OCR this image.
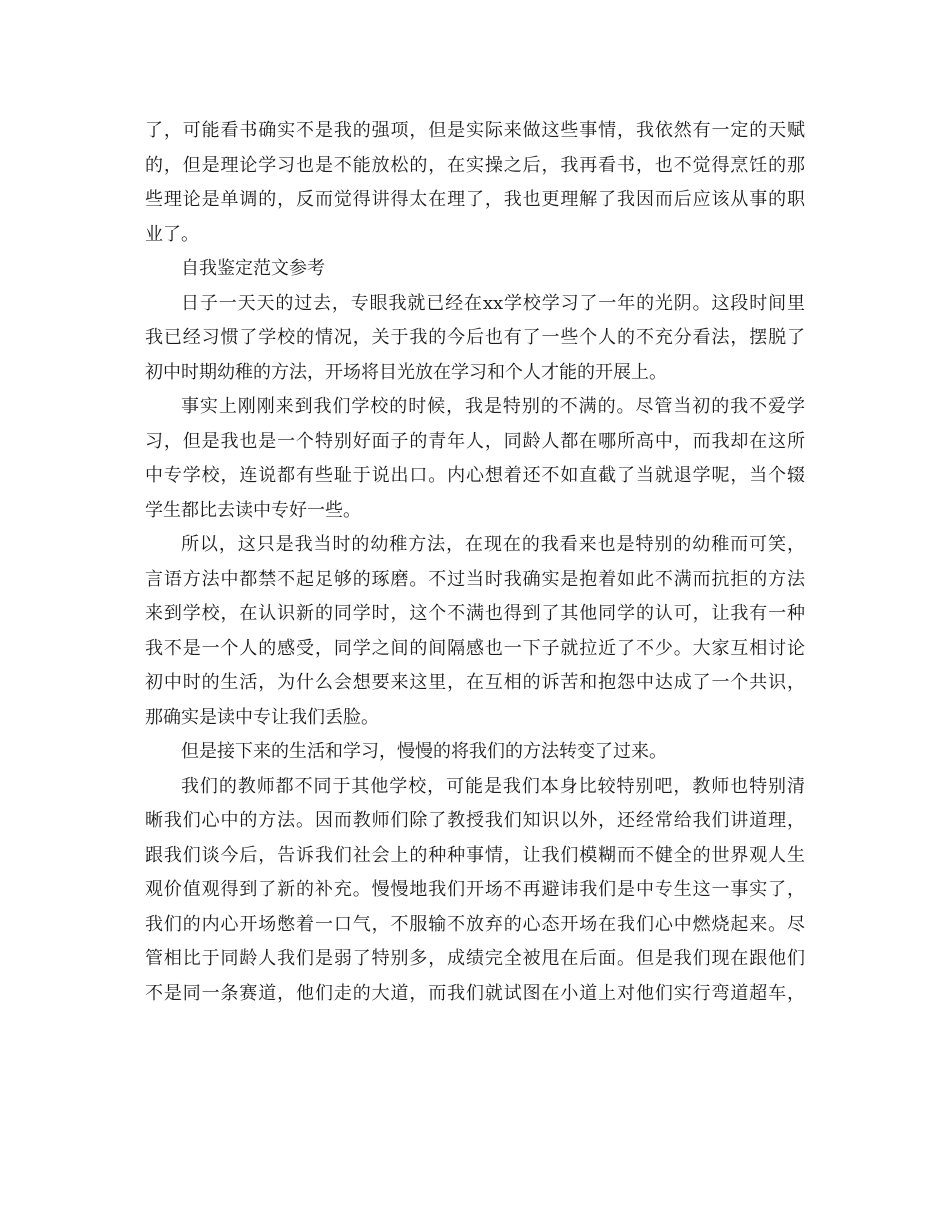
了，可能看书确实不是我的强项，但是实际来做这些事情，我依然有一定的天赋
的，但是理论学习也是不能放松的，在实操之后，我再看书，也不觉得烹饪的那
些理论是单调的，反而觉得讲得太在理了，我也更理解了我因而后应该从事的职
业了。
自我鉴定范文参考
日子一天天的过去，专眼我就已经在xx学校学习了一年的光阴。这段时间里
我已经习惯了学校的情况，关于我的今后也有了一些个人的不充分看法，摆脱了
初中时期幼稚的方法，开场将目光放在学习和个人才能的开展上。
事实上刚刚来到我们学校的时候，我是特别的不满的。尽管当初的我不爱学
习，但是我也是一个特别好面子的青年人，同龄人都在哪所高中，而我却在这所
中专学校，连说都有些耻于说出口。内心想着还不如直截了当就退学呢，当个辍
学生都比去读中专好一些。
所以，这只是我当时的幼稚方法，在现在的我看来也是特别的幼稚而可笑，
言语方法中都禁不起足够的琢磨。不过当时我确实是抱着如此不满而抗拒的方法
来到学校，在认识新的同学时，这个不满也得到了其他同学的认可，让我有一种
我不是一个人的感受，同学之间的间隔感也一下子就拉近了不少。大家互相讨论
初中时的生活，为什么会想要来这里，在互相的诉苦和抱怨中达成了一个共识，
那确实是读中专让我们丢脸。
但是接下来的生活和学习，慢慢的将我们的方法转变了过来。
我们的教师都不同于其他学校，可能是我们本身比较特别吧，教师也特别清
晰我们心中的方法。因而教师们除了教授我们知识以外，还经常给我们讲道理，
跟我们谈今后，告诉我们社会上的种种事情，让我们模糊而不健全的世界观人生
观价值观得到了新的补充。慢慢地我们开场不再避讳我们是中专生这一事实了，
我们的内心开场憋着一口气，不服输不放弃的心态开场在我们心中燃烧起来。尽
管相比于同龄人我们是弱了特别多，成绩完全被甩在后面。但是我们现在跟他们
不是同一条赛道，他们走的大道，而我们就试图在小道上对他们实行弯道超车，
